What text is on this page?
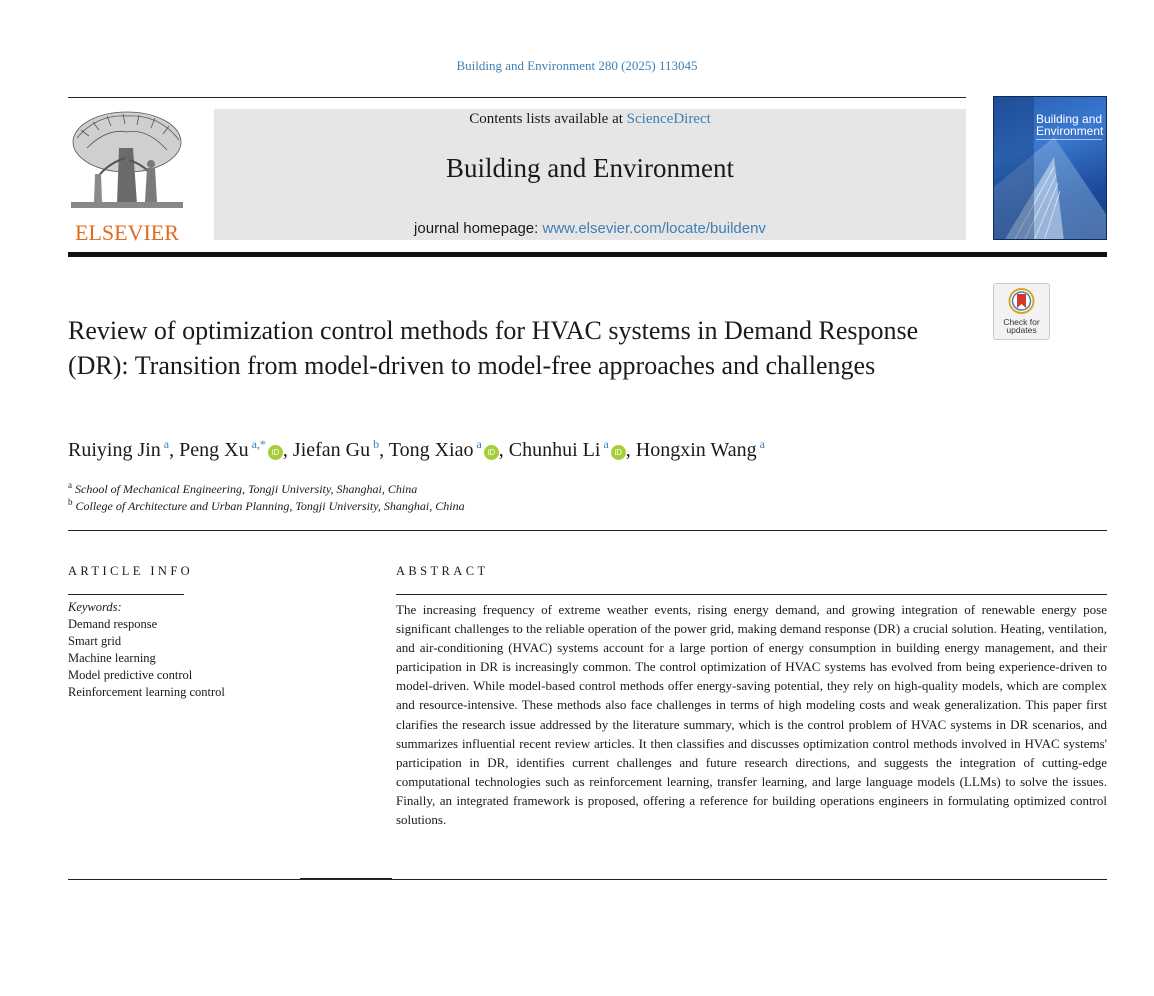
Building and Environment 280 (2025) 113045
ELSEVIER
Contents lists available at ScienceDirect
Building and Environment
journal homepage: www.elsevier.com/locate/buildenv
Building and
Environment
Check for
updates
Review of optimization control methods for HVAC systems in Demand Response (DR): Transition from model-driven to model-free approaches and challenges
Ruiying Jin $^a$, Peng Xu $^{a,*}$iD , Jiefan Gu $^b$, Tong Xiao $^a$iD , Chunhui Li $^a$iD , Hongxin Wang $^a$
$^a$ School of Mechanical Engineering, Tongji University, Shanghai, China
$^b$ College of Architecture and Urban Planning, Tongji University, Shanghai, China
ARTICLE INFO
Keywords:
Demand response
Smart grid
Machine learning
Model predictive control
Reinforcement learning control
ABSTRACT
The increasing frequency of extreme weather events, rising energy demand, and growing integration of renewable energy pose significant challenges to the reliable operation of the power grid, making demand response (DR) a crucial solution. Heating, ventilation, and air-conditioning (HVAC) systems account for a large portion of energy consumption in building energy management, and their participation in DR is increasingly common. The control optimization of HVAC systems has evolved from being experience-driven to model-driven. While model-based control methods offer energy-saving potential, they rely on high-quality models, which are complex and resource-intensive. These methods also face challenges in terms of high modeling costs and weak generalization. This paper first clarifies the research issue addressed by the literature summary, which is the control problem of HVAC systems in DR scenarios, and summarizes influential recent review articles. It then classifies and discusses optimization control methods involved in HVAC systems' participation in DR, identifies current challenges and future research directions, and suggests the integration of cutting-edge computational technologies such as reinforcement learning, transfer learning, and large language models (LLMs) to solve the issues. Finally, an integrated framework is proposed, offering a reference for building operations engineers in formulating optimized control solutions.
